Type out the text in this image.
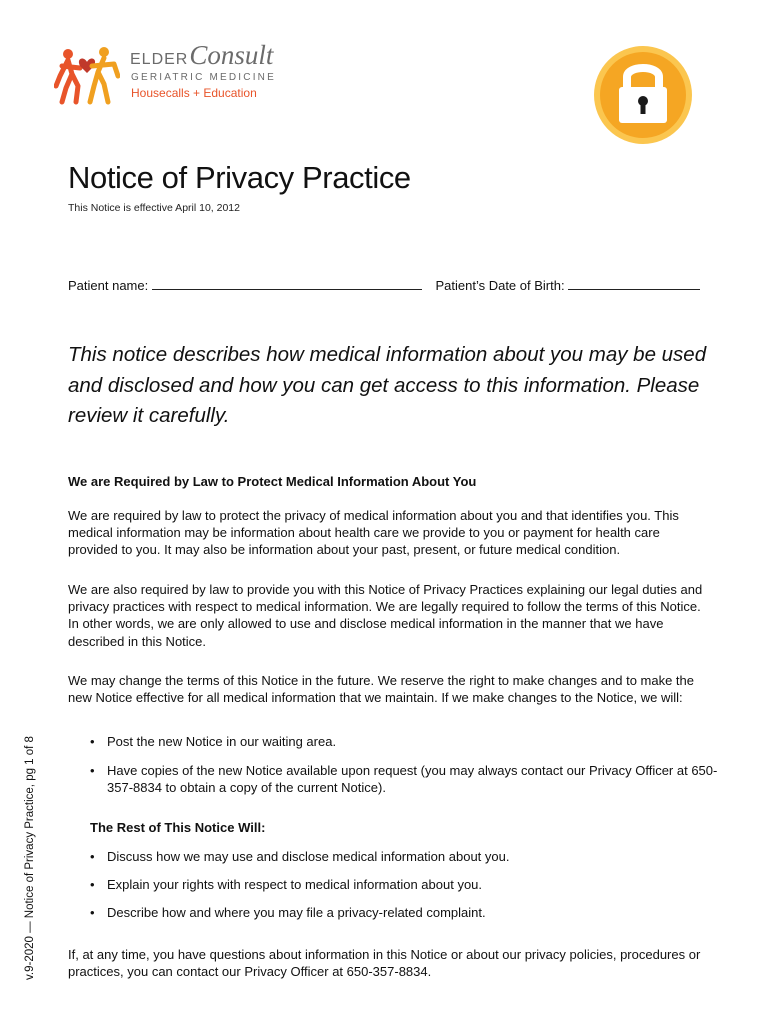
ELDERConsult
GERIATRIC MEDICINE
Housecalls + Education
Notice of Privacy Practice
This Notice is effective April 10, 2012
Patient name:	Patient’s Date of Birth:

This notice describes how medical information about you may be used and disclosed and how you can get access to this information. Please review it carefully.

We are Required by Law to Protect Medical Information About You

We are required by law to protect the privacy of medical information about you and that identifies you. This medical information may be information about health care we provide to you or payment for health care provided to you. It may also be information about your past, present, or future medical condition.

We are also required by law to provide you with this Notice of Privacy Practices explaining our legal duties and privacy practices with respect to medical information. We are legally required to follow the terms of this Notice. In other words, we are only allowed to use and disclose medical information in the manner that we have described in this Notice.

We may change the terms of this Notice in the future. We reserve the right to make changes and to make the new Notice effective for all medical information that we maintain. If we make changes to the Notice, we will:

• Post the new Notice in our waiting area.
• Have copies of the new Notice available upon request (you may always contact our Privacy Officer at 650-357-8834 to obtain a copy of the current Notice).
The Rest of This Notice Will:
• Discuss how we may use and disclose medical information about you.
• Explain your rights with respect to medical information about you.
• Describe how and where you may file a privacy-related complaint.

If, at any time, you have questions about information in this Notice or about our privacy policies, procedures or practices, you can contact our Privacy Officer at 650-357-8834.

v.9-2020 — Notice of Privacy Practice, pg 1 of 8
